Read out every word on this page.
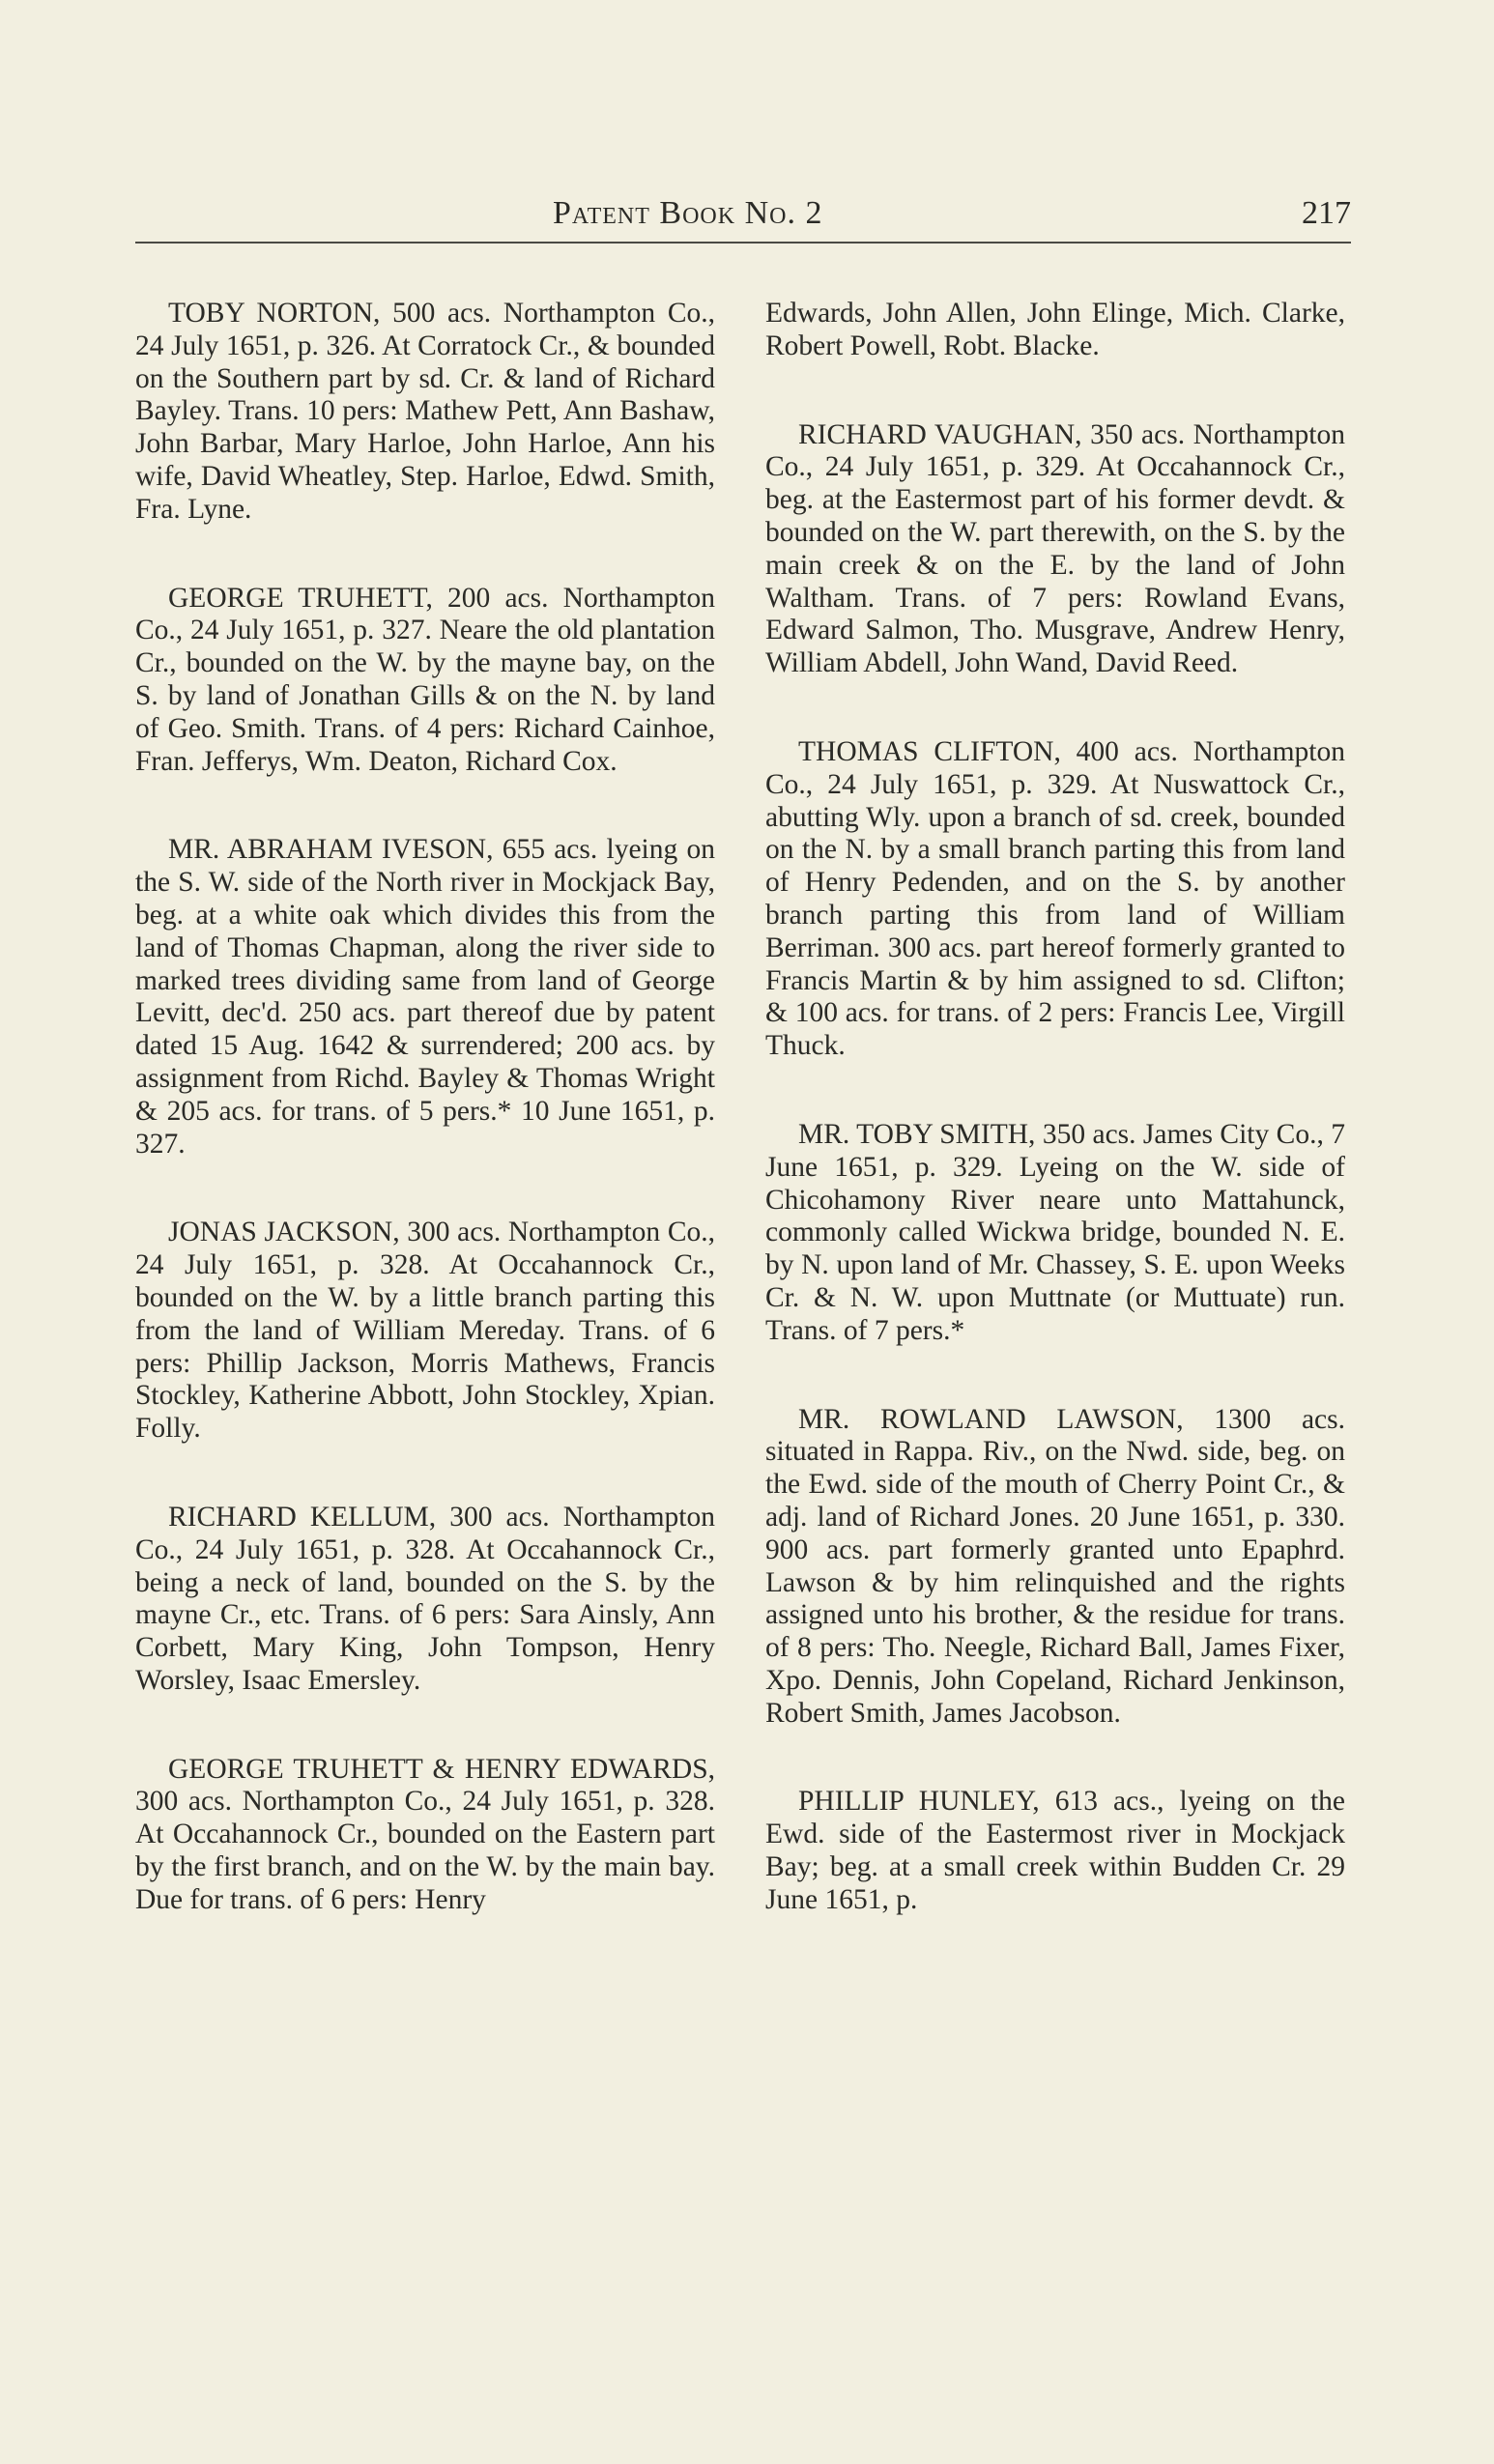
Patent Book No. 2	217

TOBY NORTON, 500 acs. Northampton Co., 24 July 1651, p. 326. At Corratock Cr., & bounded on the Southern part by sd. Cr. & land of Richard Bayley. Trans. 10 pers: Mathew Pett, Ann Bashaw, John Barbar, Mary Harloe, John Harloe, Ann his wife, David Wheatley, Step. Harloe, Edwd. Smith, Fra. Lyne.

GEORGE TRUHETT, 200 acs. Northampton Co., 24 July 1651, p. 327. Neare the old plantation Cr., bounded on the W. by the mayne bay, on the S. by land of Jonathan Gills & on the N. by land of Geo. Smith. Trans. of 4 pers: Richard Cainhoe, Fran. Jefferys, Wm. Deaton, Richard Cox.

MR. ABRAHAM IVESON, 655 acs. lyeing on the S. W. side of the North river in Mockjack Bay, beg. at a white oak which divides this from the land of Thomas Chapman, along the river side to marked trees dividing same from land of George Levitt, dec'd. 250 acs. part thereof due by patent dated 15 Aug. 1642 & surrendered; 200 acs. by assignment from Richd. Bayley & Thomas Wright & 205 acs. for trans. of 5 pers.* 10 June 1651, p. 327.

JONAS JACKSON, 300 acs. Northampton Co., 24 July 1651, p. 328. At Occahannock Cr., bounded on the W. by a little branch parting this from the land of William Mereday. Trans. of 6 pers: Phillip Jackson, Morris Mathews, Francis Stockley, Katherine Abbott, John Stockley, Xpian. Folly.

RICHARD KELLUM, 300 acs. Northampton Co., 24 July 1651, p. 328. At Occahannock Cr., being a neck of land, bounded on the S. by the mayne Cr., etc. Trans. of 6 pers: Sara Ainsly, Ann Corbett, Mary King, John Tompson, Henry Worsley, Isaac Emersley.

GEORGE TRUHETT & HENRY EDWARDS, 300 acs. Northampton Co., 24 July 1651, p. 328. At Occahannock Cr., bounded on the Eastern part by the first branch, and on the W. by the main bay. Due for trans. of 6 pers: Henry

Edwards, John Allen, John Elinge, Mich. Clarke, Robert Powell, Robt. Blacke.

RICHARD VAUGHAN, 350 acs. Northampton Co., 24 July 1651, p. 329. At Occahannock Cr., beg. at the Eastermost part of his former devdt. & bounded on the W. part therewith, on the S. by the main creek & on the E. by the land of John Waltham. Trans. of 7 pers: Rowland Evans, Edward Salmon, Tho. Musgrave, Andrew Henry, William Abdell, John Wand, David Reed.

THOMAS CLIFTON, 400 acs. Northampton Co., 24 July 1651, p. 329. At Nuswattock Cr., abutting Wly. upon a branch of sd. creek, bounded on the N. by a small branch parting this from land of Henry Pedenden, and on the S. by another branch parting this from land of William Berriman. 300 acs. part hereof formerly granted to Francis Martin & by him assigned to sd. Clifton; & 100 acs. for trans. of 2 pers: Francis Lee, Virgill Thuck.

MR. TOBY SMITH, 350 acs. James City Co., 7 June 1651, p. 329. Lyeing on the W. side of Chicohamony River neare unto Mattahunck, commonly called Wickwa bridge, bounded N. E. by N. upon land of Mr. Chassey, S. E. upon Weeks Cr. & N. W. upon Muttnate (or Muttuate) run. Trans. of 7 pers.*

MR. ROWLAND LAWSON, 1300 acs. situated in Rappa. Riv., on the Nwd. side, beg. on the Ewd. side of the mouth of Cherry Point Cr., & adj. land of Richard Jones. 20 June 1651, p. 330. 900 acs. part formerly granted unto Epaphrd. Lawson & by him relinquished and the rights assigned unto his brother, & the residue for trans. of 8 pers: Tho. Neegle, Richard Ball, James Fixer, Xpo. Dennis, John Copeland, Richard Jenkinson, Robert Smith, James Jacobson.

PHILLIP HUNLEY, 613 acs., lyeing on the Ewd. side of the Eastermost river in Mockjack Bay; beg. at a small creek within Budden Cr. 29 June 1651, p.
